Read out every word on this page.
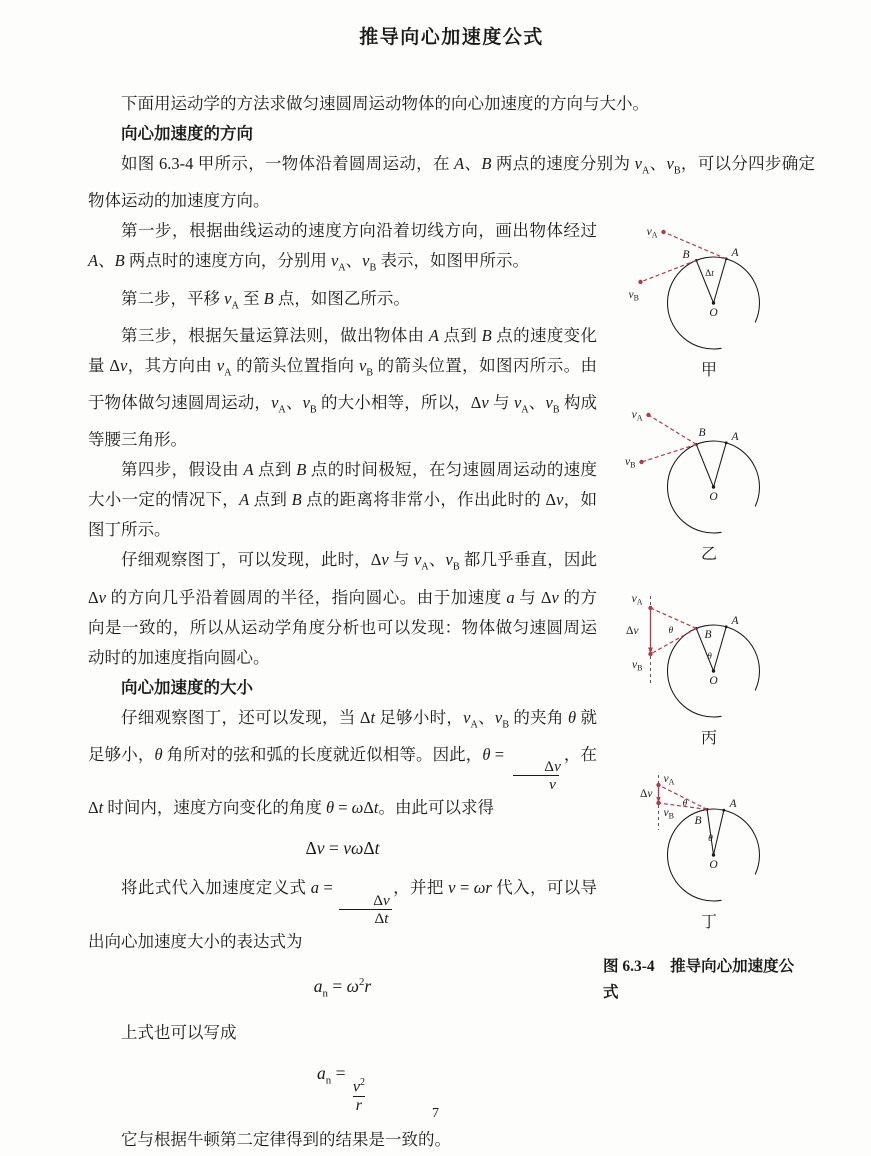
推导向心加速度公式

下面用运动学的方法求做匀速圆周运动物体的向心加速度的方向与大小。

向心加速度的方向

如图 6.3-4 甲所示，一物体沿着圆周运动，在 A、B 两点的速度分别为 $v_A$、$v_B$，可以分四步确定物体运动的加速度方向。

第一步，根据曲线运动的速度方向沿着切线方向，画出物体经过 A、B 两点时的速度方向，分别用 $v_A$、$v_B$ 表示，如图甲所示。

第二步，平移 $v_A$ 至 B 点，如图乙所示。

第三步，根据矢量运算法则，做出物体由 A 点到 B 点的速度变化量 Δv，其方向由 $v_A$ 的箭头位置指向 $v_B$ 的箭头位置，如图丙所示。由于物体做匀速圆周运动，$v_A$、$v_B$ 的大小相等，所以，Δv 与 $v_A$、$v_B$ 构成等腰三角形。

第四步，假设由 A 点到 B 点的时间极短，在匀速圆周运动的速度大小一定的情况下，A 点到 B 点的距离将非常小，作出此时的 Δv，如图丁所示。

仔细观察图丁，可以发现，此时，Δv 与 $v_A$、$v_B$ 都几乎垂直，因此 Δv 的方向几乎沿着圆周的半径，指向圆心。由于加速度 a 与 Δv 的方向是一致的，所以从运动学角度分析也可以发现：物体做匀速圆周运动时的加速度指向圆心。

向心加速度的大小

仔细观察图丁，还可以发现，当 Δt 足够小时，$v_A$、$v_B$ 的夹角 θ 就足够小，θ 角所对的弦和弧的长度就近似相等。因此，θ =
$\frac{\Delta v}{v}$
，在 Δt 时间内，速度方向变化的角度 θ = ωΔt。由此可以求得

Δv = vωΔt

将此式代入加速度定义式 a =
$\frac{\Delta v}{\Delta t}$
，并把 v = ωr 代入，可以导出向心加速度大小的表达式为

$a_n = \omega^2r$

上式也可以写成

$a_n$ =
$\frac{v^2}{r}$

它与根据牛顿第二定律得到的结果是一致的。

$v_A$
$v_B$
A
B
O
Δt
甲
$v_A$
$v_B$
A
B
O
乙
$v_A$
Δv
$v_B$
θ
θ
A
B
O
丙
$v_A$
$v_B$
Δv
θ
θ
A
B
O
丁
图 6.3-4　推导向心加速度公式
7
